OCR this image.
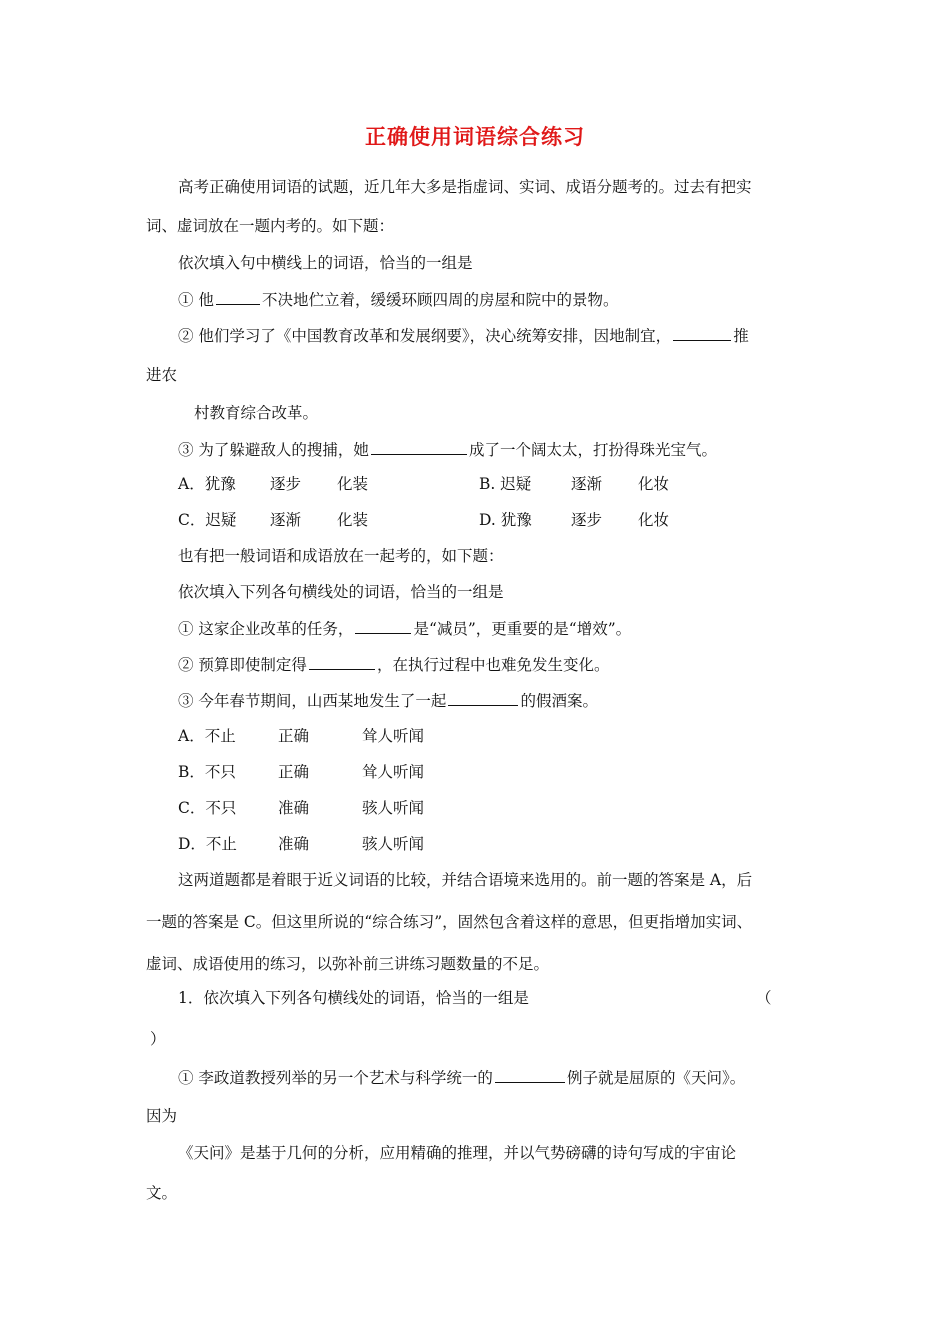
正确使用词语综合练习
高考正确使用词语的试题，近几年大多是指虚词、实词、成语分题考的。过去有把实
词、虚词放在一题内考的。如下题：
依次填入句中横线上的词语，恰当的一组是
① 他	不决地伫立着，缓缓环顾四周的房屋和院中的景物。
② 他们学习了《中国教育改革和发展纲要》，决心统筹安排，因地制宜，	推
进农
村教育综合改革。
③ 为了躲避敌人的搜捕，她	成了一个阔太太，打扮得珠光宝气。
A．犹豫 逐步 化装	B. 迟疑	逐渐 化妆
C．迟疑 逐渐 化装	D. 犹豫	逐步 化妆
也有把一般词语和成语放在一起考的，如下题：
依次填入下列各句横线处的词语，恰当的一组是
① 这家企业改革的任务，	是“减员”，更重要的是“增效”。
② 预算即使制定得	，在执行过程中也难免发生变化。
③ 今年春节期间，山西某地发生了一起	的假酒案。
A．不止	正确	耸人听闻
B．不只	正确	耸人听闻
C．不只	准确	骇人听闻
D．不止	准确	骇人听闻
这两道题都是着眼于近义词语的比较，并结合语境来选用的。前一题的答案是 A，后
一题的答案是 C。但这里所说的“综合练习”，固然包含着这样的意思，但更指增加实词、
虚词、成语使用的练习，以弥补前三讲练习题数量的不足。
1．依次填入下列各句横线处的词语，恰当的一组是	（
）
① 李政道教授列举的另一个艺术与科学统一的	例子就是屈原的《天问》。
因为
《天问》是基于几何的分析，应用精确的推理，并以气势磅礴的诗句写成的宇宙论
文。
